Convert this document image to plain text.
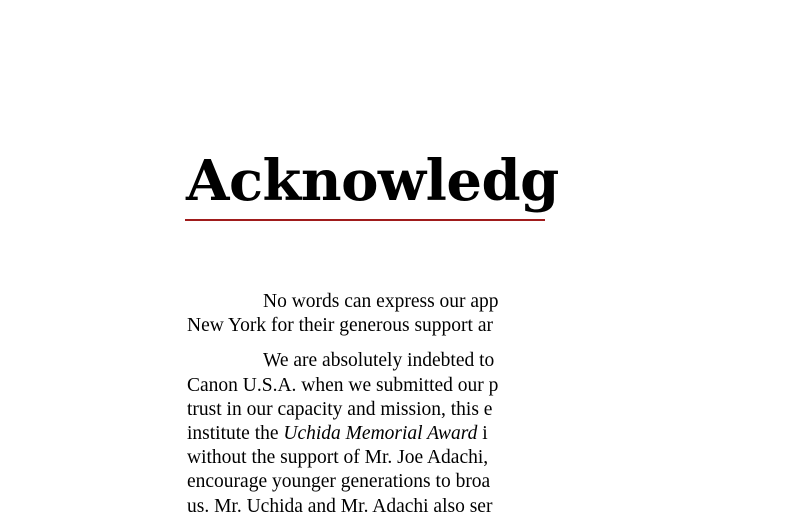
Acknowledg

No words can express our app
New York for their generous support ar

We are absolutely indebted to
Canon U.S.A. when we submitted our p
trust in our capacity and mission, this e
institute the Uchida Memorial Award i
without the support of Mr. Joe Adachi,
encourage younger generations to broa
us. Mr. Uchida and Mr. Adachi also ser
